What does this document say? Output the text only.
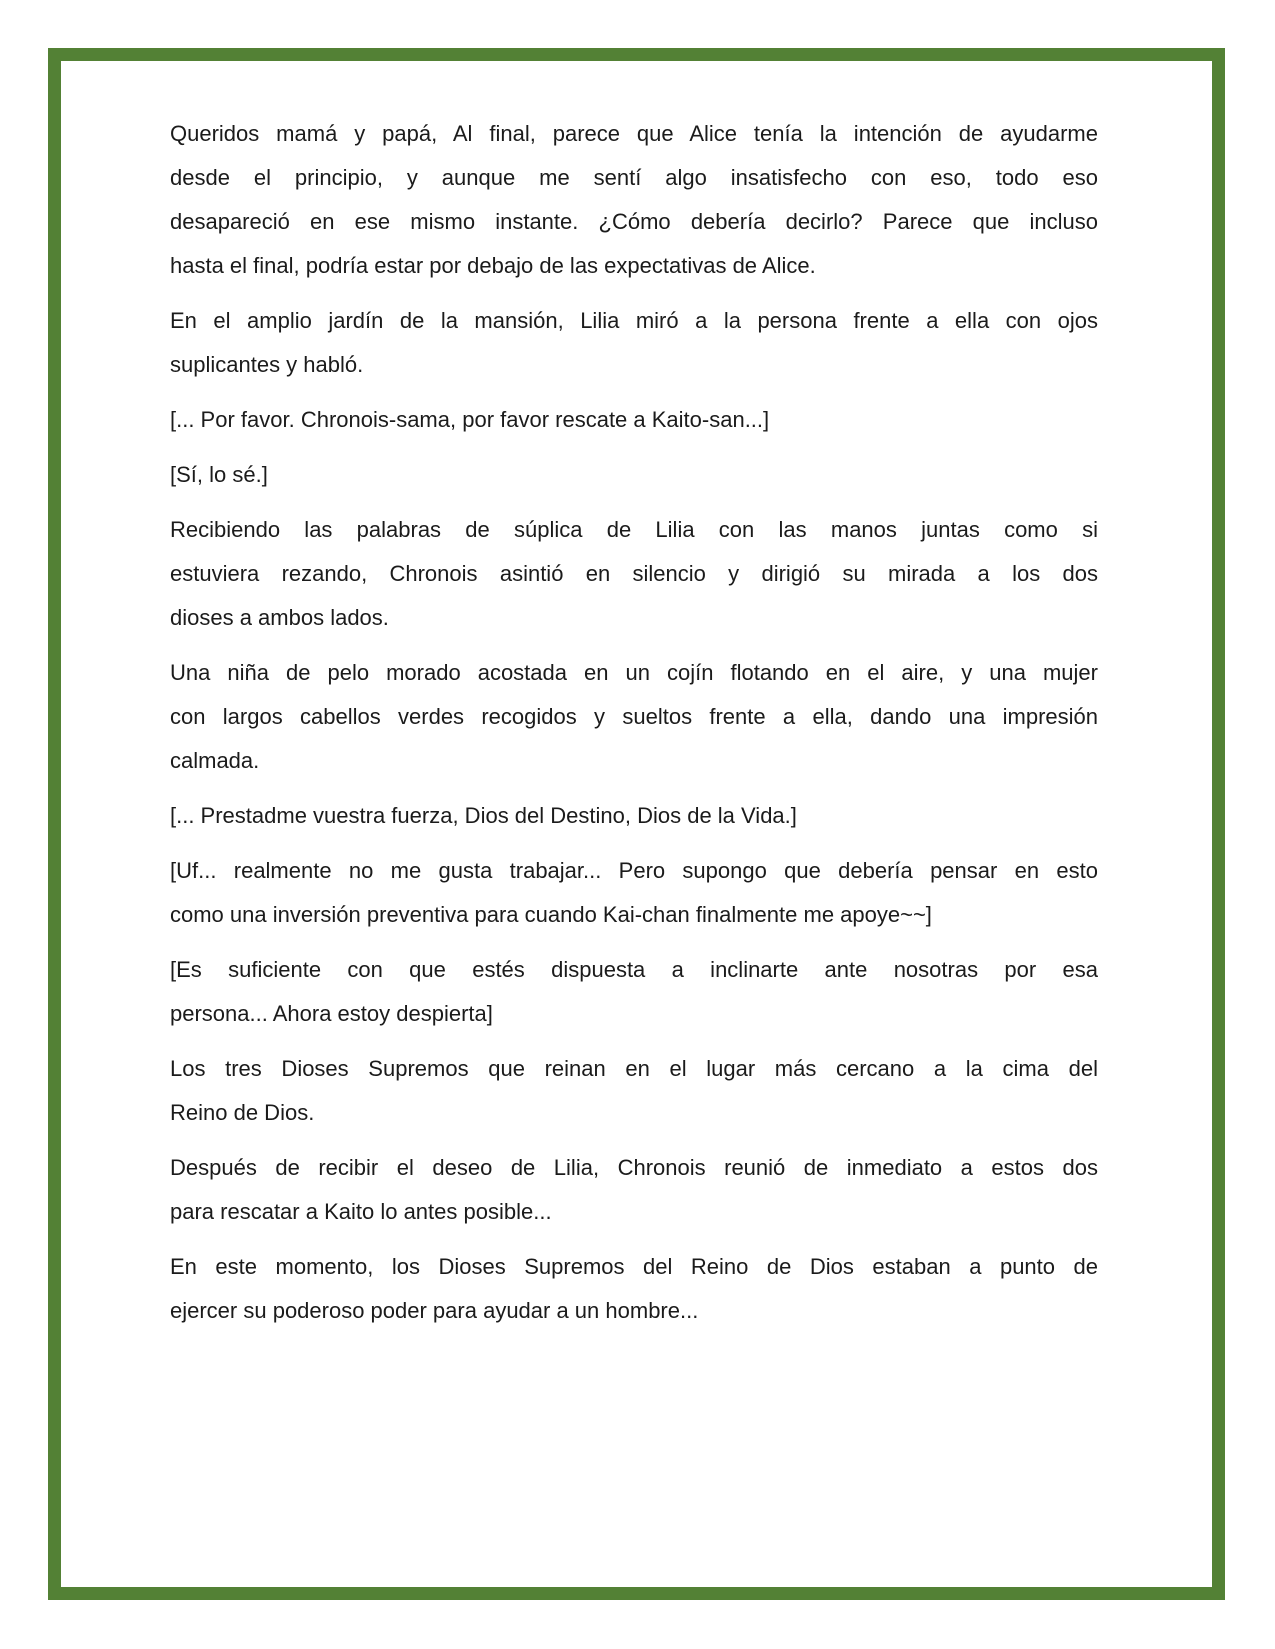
Queridos mamá y papá, Al final, parece que Alice tenía la intención de ayudarme
desde el principio, y aunque me sentí algo insatisfecho con eso, todo eso
desapareció en ese mismo instante. ¿Cómo debería decirlo? Parece que incluso
hasta el final, podría estar por debajo de las expectativas de Alice.
En el amplio jardín de la mansión, Lilia miró a la persona frente a ella con ojos
suplicantes y habló.
[... Por favor. Chronois-sama, por favor rescate a Kaito-san...]
[Sí, lo sé.]
Recibiendo las palabras de súplica de Lilia con las manos juntas como si
estuviera rezando, Chronois asintió en silencio y dirigió su mirada a los dos
dioses a ambos lados.
Una niña de pelo morado acostada en un cojín flotando en el aire, y una mujer
con largos cabellos verdes recogidos y sueltos frente a ella, dando una impresión
calmada.
[... Prestadme vuestra fuerza, Dios del Destino, Dios de la Vida.]
[Uf... realmente no me gusta trabajar... Pero supongo que debería pensar en esto
como una inversión preventiva para cuando Kai-chan finalmente me apoye~~]
[Es suficiente con que estés dispuesta a inclinarte ante nosotras por esa
persona... Ahora estoy despierta]
Los tres Dioses Supremos que reinan en el lugar más cercano a la cima del
Reino de Dios.
Después de recibir el deseo de Lilia, Chronois reunió de inmediato a estos dos
para rescatar a Kaito lo antes posible...
En este momento, los Dioses Supremos del Reino de Dios estaban a punto de
ejercer su poderoso poder para ayudar a un hombre...
